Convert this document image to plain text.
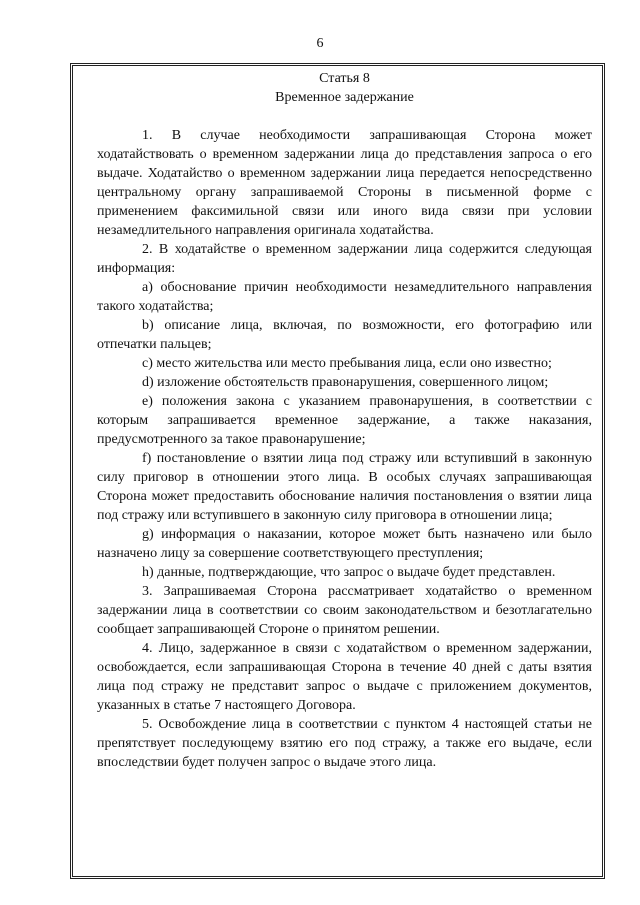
6
Статья 8
Временное задержание

1. В случае необходимости запрашивающая Сторона может ходатайствовать о временном задержании лица до представления запроса о его выдаче. Ходатайство о временном задержании лица передается непосредственно центральному органу запрашиваемой Стороны в письменной форме с применением факсимильной связи или иного вида связи при условии незамедлительного направления оригинала ходатайства.

2. В ходатайстве о временном задержании лица содержится следующая информация:

а) обоснование причин необходимости незамедлительного направления такого ходатайства;

b) описание лица, включая, по возможности, его фотографию или отпечатки пальцев;

с) место жительства или место пребывания лица, если оно известно;

d) изложение обстоятельств правонарушения, совершенного лицом;

е) положения закона с указанием правонарушения, в соответствии с которым запрашивается временное задержание, а также наказания, предусмотренного за такое правонарушение;

f) постановление о взятии лица под стражу или вступивший в законную силу приговор в отношении этого лица. В особых случаях запрашивающая Сторона может предоставить обоснование наличия постановления о взятии лица под стражу или вступившего в законную силу приговора в отношении лица;

g) информация о наказании, которое может быть назначено или было назначено лицу за совершение соответствующего преступления;

h) данные, подтверждающие, что запрос о выдаче будет представлен.

3. Запрашиваемая Сторона рассматривает ходатайство о временном задержании лица в соответствии со своим законодательством и безотлагательно сообщает запрашивающей Стороне о принятом решении.

4. Лицо, задержанное в связи с ходатайством о временном задержании, освобождается, если запрашивающая Сторона в течение 40 дней с даты взятия лица под стражу не представит запрос о выдаче с приложением документов, указанных в статье 7 настоящего Договора.

5. Освобождение лица в соответствии с пунктом 4 настоящей статьи не препятствует последующему взятию его под стражу, а также его выдаче, если впоследствии будет получен запрос о выдаче этого лица.
